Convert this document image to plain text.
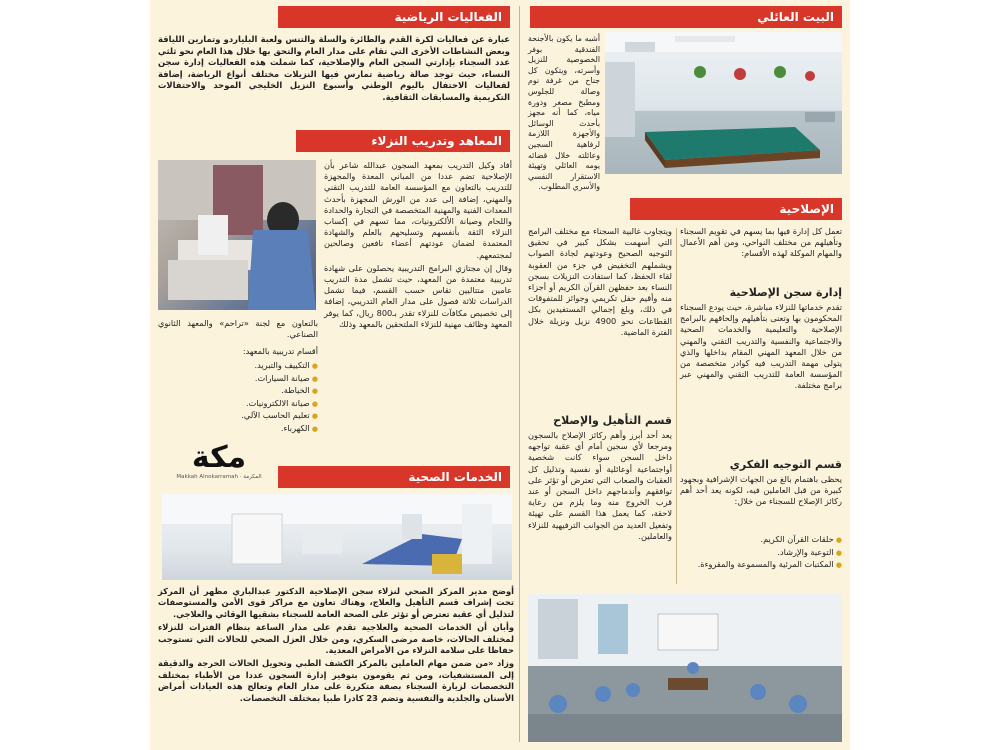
البيت العائلي
أشبه ما يكون بالأجنحة الفندقية بوفر الخصوصية للنزيل وأسرته، ويتكون كل جناح من غرفة نوم وصالة للجلوس ومطبخ مصغر ودورة مياه، كما أنه مجهز بأحدث الوسائل والأجهزة اللازمة لرفاهية السجين وعائلته خلال قضائه يومه العائلي وتهيئة الاستقرار النفسي والأسري المطلوب.
الفعاليات الرياضية
عبارة عن فعاليات لكرة القدم والطائرة والسلة والتنس ولعبة البلياردو وتمارين اللياقة وبعض النشاطات الأخرى التي تقام على مدار العام والتحق بها خلال هذا العام نحو ثلثي عدد السجناء بإدارتي السجن العام والإصلاحية، كما شملت هذه الفعاليات إدارة سجن النساء، حيث توجد صالة رياضية تمارس فيها النزيلات مختلف أنواع الرياضة، إضافة لفعاليات الاحتفال باليوم الوطني وأسبوع النزيل الخليجي الموحد والاحتفالات التكريمية والمسابقات الثقافية.
المعاهد وتدريب النزلاء

أفاد وكيل التدريب بمعهد السجون عبدالله شاعر بأن الإصلاحية تضم عددا من المباني المعدة والمجهزة للتدريب بالتعاون مع المؤسسة العامة للتدريب التقني والمهني، إضافة إلى عدد من الورش المجهزة بأحدث المعدات الفنية والمهنية المتخصصة في التجارة والحدادة واللحام وصيانة الألكترونيات، مما تسهم في إكساب النزلاء الثقة بأنفسهم وتسليحهم بالعلم والشهادة المعتمدة لضمان عودتهم أعضاء نافعين وصالحين لمجتمعهم.

وقال إن مجتازي البرامج التدريبية يحصلون على شهادة تدريبية معتمدة من المعهد، حيث تشمل مدة التدريب عامين متتاليين تقاس حسب القسم، فيما تشمل الدراسات ثلاثة فصول على مدار العام التدريبي، إضافة إلى تخصيص مكافآت للنزلاء تقدر بـ800 ريال، كما يوفر المعهد وظائف مهنية للنزلاء الملتحقين بالمعهد وذلك

بالتعاون مع لجنة «تراحم» والمعهد الثانوي الصناعي.
أقسام تدريبية بالمعهد:
● التكييف والتبريد.
● صيانة السيارات.
● الخياطة.
● صيانة الالكترونيات.
● تعليم الحاسب الآلي.
● الكهرباء.
مكة
Makkah Alnokarramah · المكرمة	الخدمات الصحية

أوضح مدير المركز الصحي لنزلاء سجن الإصلاحية الدكتور عبدالباري مظهر أن المركز تحت إشراف قسم التأهيل والعلاج، وهناك تعاون مع مراكز قوى الأمن والمستوصفات لتذليل أي عقبة تعترض أو تؤثر على الصحة العامة للسجناء بشقيها الوقائي والعلاجي.

وأبان أن الخدمات الصحية والعلاجية تقدم على مدار الساعة بنظام الفترات للنزلاء لمختلف الحالات، خاصة مرضى السكري، ومن خلال العزل الصحي للحالات التي تستوجب حفاظا على سلامة النزلاء من الأمراض المعدية.

وزاد «من ضمن مهام العاملين بالمركز الكشف الطبي وتحويل الحالات الحرجة والدقيقة إلى المستشفيات، ومن ثم يقومون بتوفير إدارة السجون عددا من الأطباء بمختلف التخصصات لزيارة السجناء بصفة متكررة على مدار العام وتعالج هذه العيادات أمراض الأسنان والجلدية والنفسية وتضم 23 كادرا طبيا بمختلف التخصصات.

الإصلاحية
تعمل كل إدارة فيها بما يسهم في تقويم السجناء وتأهيلهم من مختلف النواحي، ومن أهم الأعمال والمهام الموكلة لهذه الأقسام:
إدارة سجن الإصلاحية
تقدم خدماتها للنزلاء مباشرة، حيث يودع السجناء المحكومون بها وتعنى بتأهيلهم وإلحاقهم بالبرامج الإصلاحية والتعليمية والخدمات الصحية والاجتماعية والنفسية والتدريب التقني والمهني من خلال المعهد المهني المقام بداخلها والذي يتولى مهمة التدريب فيه كوادر متخصصة من المؤسسة العامة للتدريب التقني والمهني عبر برامج مختلفة.
قسم التوجيه الفكري
يحظى باهتمام بالغ من الجهات الإشرافية وبجهود كبيرة من قبل العاملين فيه، لكونه يعد أحد أهم ركائز الإصلاح للسجناء من خلال:
● حلقات القرآن الكريم.
● التوعية والإرشاد.
● المكتبات المرئية والمسموعة والمقروءة.
ويتجاوب غالبية السجناء مع مختلف البرامج التي أسهمت بشكل كبير في تحقيق التوجيه الصحيح وعودتهم لجادة الصواب ويشملهم التخفيض في جزء من العقوبة لقاء الحفظ، كما استفادت النزيلات بسجن النساء بعد حفظهن القرآن الكريم أو أجزاء منه وأقيم حفل تكريمي وجوائز للمتفوقات في ذلك، وبلغ إجمالي المستفيدين بكل القطاعات نحو 4900 نزيل ونزيلة خلال الفترة الماضية.
قسم التأهيل والإصلاح
يعد أحد أبرز وأهم ركائز الإصلاح بالسجون ومرجعا لأي سجين أمام أي عقبة تواجهه داخل السجن سواء كانت شخصية أواجتماعية أوعائلية أو نفسية وتذليل كل العقبات والصعاب التي تعترض أو تؤثر على توافقهم وأندماجهم داخل السجن أو عند قرب الخروج منه وما يلزم من رعاية لاحقة، كما يعمل هذا القسم على تهيئة وتفعيل العديد من الجوانب الترفيهية للنزلاء والعاملين.
